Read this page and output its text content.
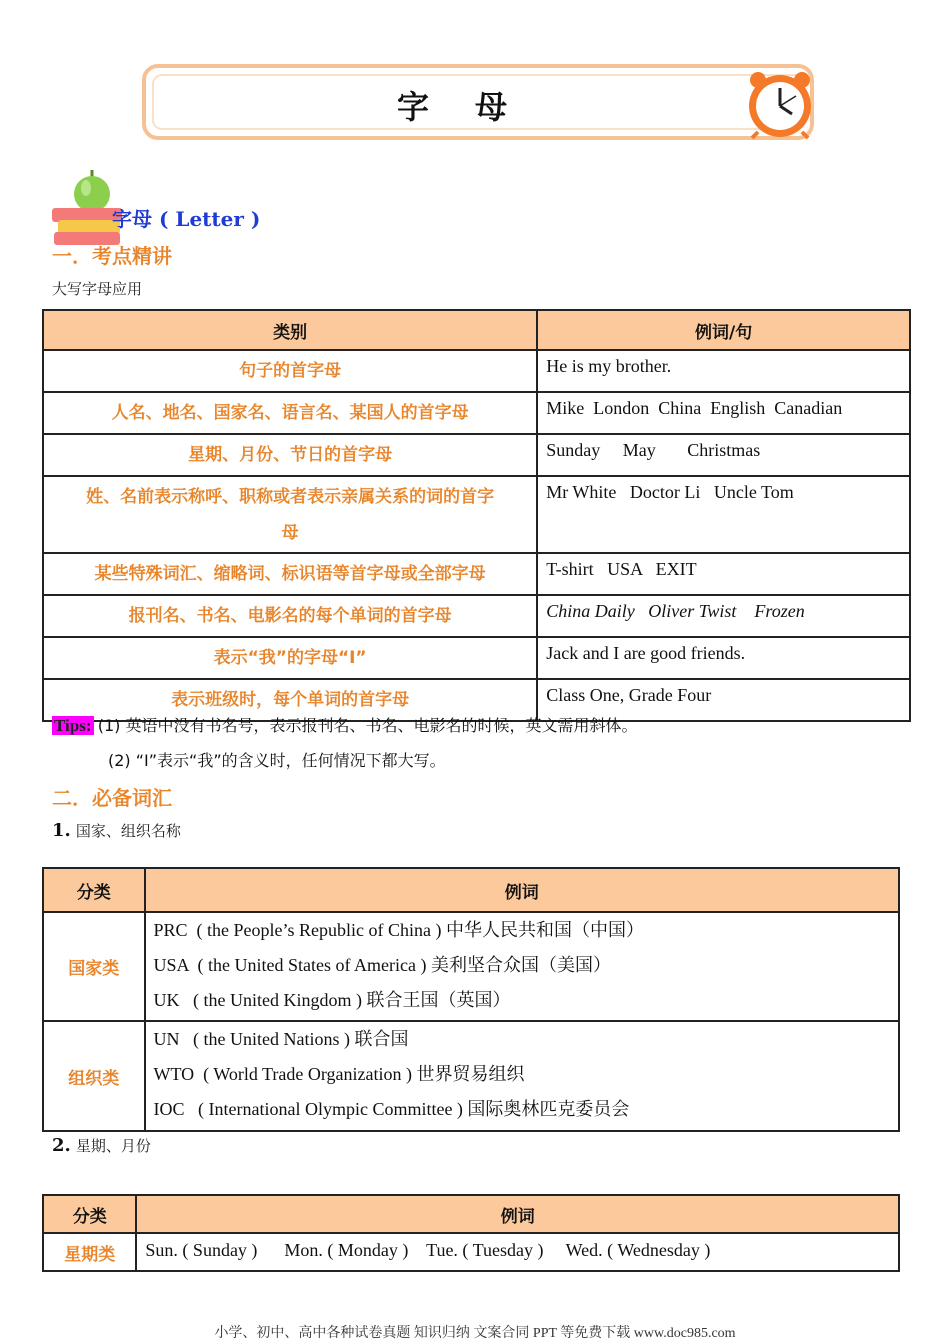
字母
字母 ( Letter )
一．考点精讲
大写字母应用
类别	例词/句
句子的首字母	He is my brother.
人名、地名、国家名、语言名、某国人的首字母	Mike  London  China  English  Canadian
星期、月份、节日的首字母	Sunday     May       Christmas

姓、名前表示称呼、职称或者表示亲属关系的词的首字
母	Mr White   Doctor Li   Uncle Tom
某些特殊词汇、缩略词、标识语等首字母或全部字母	T-shirt   USA   EXIT
报刊名、书名、电影名的每个单词的首字母	China Daily   Oliver Twist    Frozen
表示“我”的字母“I”	Jack and I are good friends.
表示班级时，每个单词的首字母	Class One, Grade Four
Tips: (1) 英语中没有书名号，表示报刊名、书名、电影名的时候，英文需用斜体。
(2) “I”表示“我”的含义时，任何情况下都大写。
二．必备词汇
1. 国家、组织名称
分类	例词
国家类	PRC  ( the People’s Republic of China ) 中华人民共和国（中国）
USA  ( the United States of America ) 美利坚合众国（美国）
UK   ( the United Kingdom ) 联合王国（英国）

组织类	UN   ( the United Nations ) 联合国
WTO  ( World Trade Organization ) 世界贸易组织
IOC   ( International Olympic Committee ) 国际奥林匹克委员会
2. 星期、月份
分类	例词
星期类	Sun. ( Sunday )      Mon. ( Monday )    Tue. ( Tuesday )     Wed. ( Wednesday )
小学、初中、高中各种试卷真题 知识归纳 文案合同 PPT 等免费下载 www.doc985.com
